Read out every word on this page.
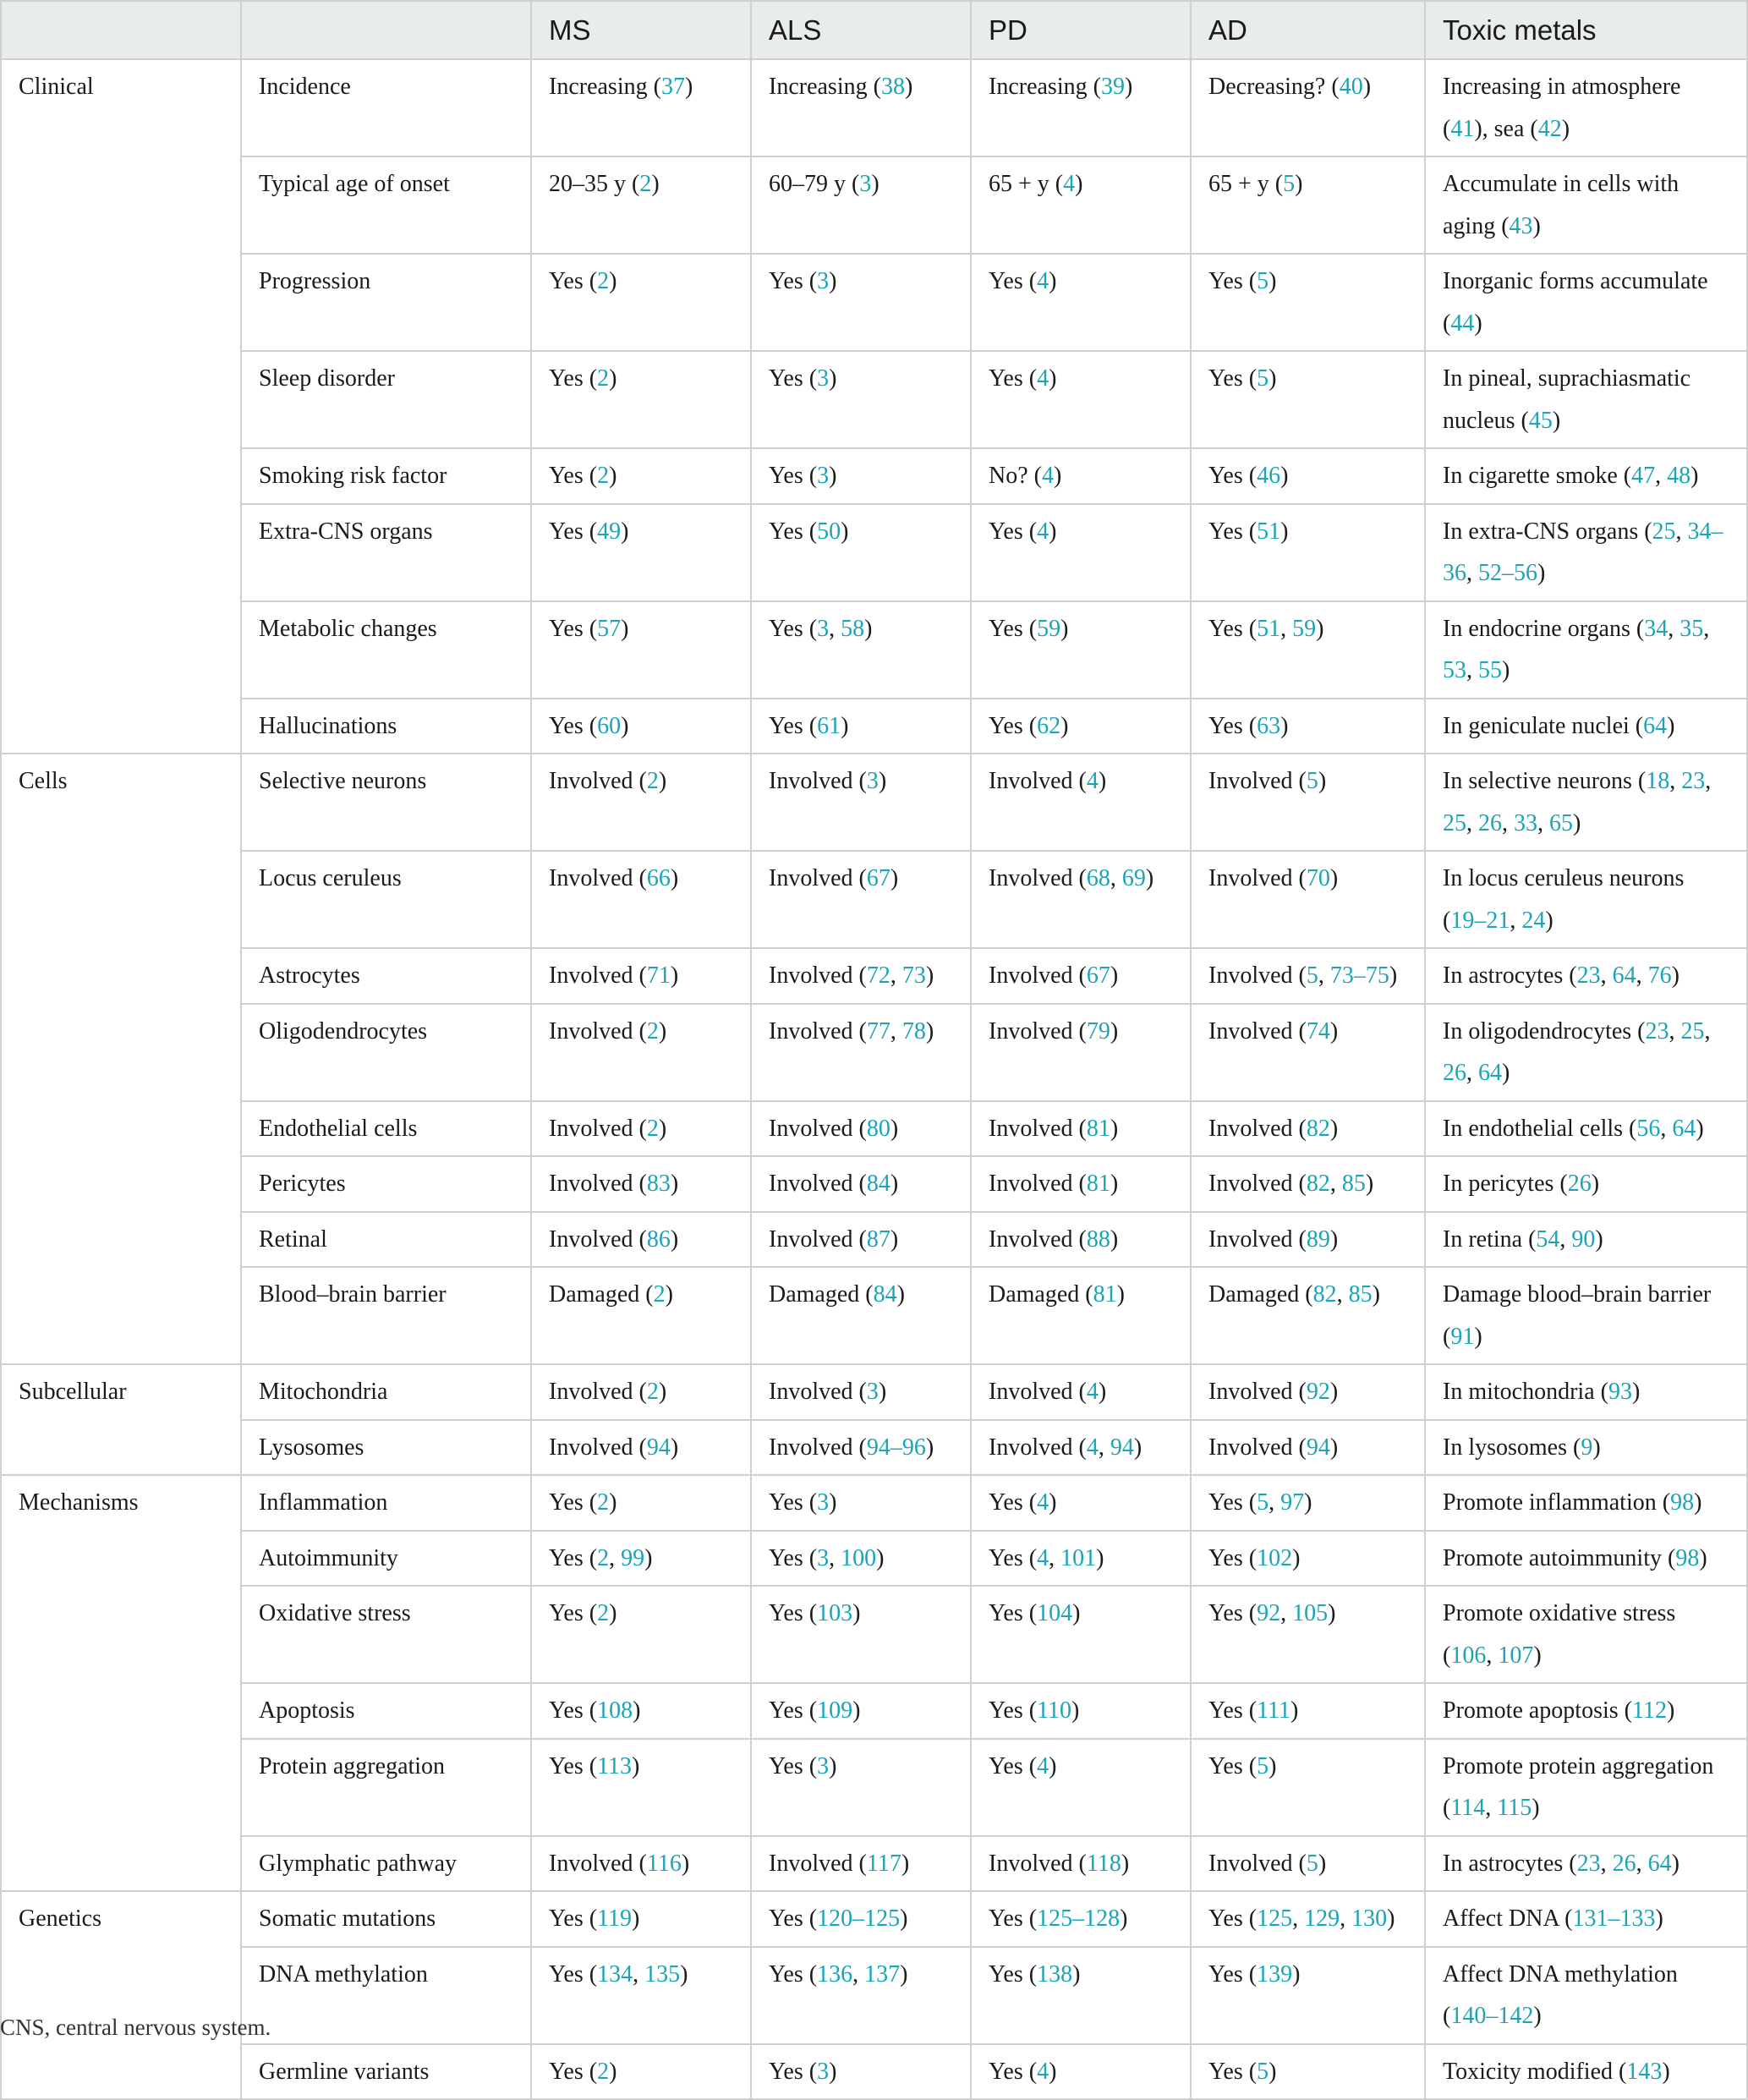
		MS	ALS	PD	AD	Toxic metals
Clinical	Incidence	Increasing (37)	Increasing (38)	Increasing (39)	Decreasing? (40)	Increasing in atmosphere (41), sea (42)
	Typical age of onset	20–35 y (2)	60–79 y (3)	65 + y (4)	65 + y (5)	Accumulate in cells with aging (43)
	Progression	Yes (2)	Yes (3)	Yes (4)	Yes (5)	Inorganic forms accumulate (44)
	Sleep disorder	Yes (2)	Yes (3)	Yes (4)	Yes (5)	In pineal, suprachiasmatic nucleus (45)
	Smoking risk factor	Yes (2)	Yes (3)	No? (4)	Yes (46)	In cigarette smoke (47, 48)
	Extra-CNS organs	Yes (49)	Yes (50)	Yes (4)	Yes (51)	In extra-CNS organs (25, 34–36, 52–56)
	Metabolic changes	Yes (57)	Yes (3, 58)	Yes (59)	Yes (51, 59)	In endocrine organs (34, 35, 53, 55)
	Hallucinations	Yes (60)	Yes (61)	Yes (62)	Yes (63)	In geniculate nuclei (64)
Cells	Selective neurons	Involved (2)	Involved (3)	Involved (4)	Involved (5)	In selective neurons (18, 23, 25, 26, 33, 65)
	Locus ceruleus	Involved (66)	Involved (67)	Involved (68, 69)	Involved (70)	In locus ceruleus neurons (19–21, 24)
	Astrocytes	Involved (71)	Involved (72, 73)	Involved (67)	Involved (5, 73–75)	In astrocytes (23, 64, 76)
	Oligodendrocytes	Involved (2)	Involved (77, 78)	Involved (79)	Involved (74)	In oligodendrocytes (23, 25, 26, 64)
	Endothelial cells	Involved (2)	Involved (80)	Involved (81)	Involved (82)	In endothelial cells (56, 64)
	Pericytes	Involved (83)	Involved (84)	Involved (81)	Involved (82, 85)	In pericytes (26)
	Retinal	Involved (86)	Involved (87)	Involved (88)	Involved (89)	In retina (54, 90)
	Blood–brain barrier	Damaged (2)	Damaged (84)	Damaged (81)	Damaged (82, 85)	Damage blood–brain barrier (91)
Subcellular	Mitochondria	Involved (2)	Involved (3)	Involved (4)	Involved (92)	In mitochondria (93)
	Lysosomes	Involved (94)	Involved (94–96)	Involved (4, 94)	Involved (94)	In lysosomes (9)
Mechanisms	Inflammation	Yes (2)	Yes (3)	Yes (4)	Yes (5, 97)	Promote inflammation (98)
	Autoimmunity	Yes (2, 99)	Yes (3, 100)	Yes (4, 101)	Yes (102)	Promote autoimmunity (98)
	Oxidative stress	Yes (2)	Yes (103)	Yes (104)	Yes (92, 105)	Promote oxidative stress (106, 107)
	Apoptosis	Yes (108)	Yes (109)	Yes (110)	Yes (111)	Promote apoptosis (112)
	Protein aggregation	Yes (113)	Yes (3)	Yes (4)	Yes (5)	Promote protein aggregation (114, 115)
	Glymphatic pathway	Involved (116)	Involved (117)	Involved (118)	Involved (5)	In astrocytes (23, 26, 64)
Genetics	Somatic mutations	Yes (119)	Yes (120–125)	Yes (125–128)	Yes (125, 129, 130)	Affect DNA (131–133)
	DNA methylation	Yes (134, 135)	Yes (136, 137)	Yes (138)	Yes (139)	Affect DNA methylation (140–142)
	Germline variants	Yes (2)	Yes (3)	Yes (4)	Yes (5)	Toxicity modified (143)
CNS, central nervous system.
